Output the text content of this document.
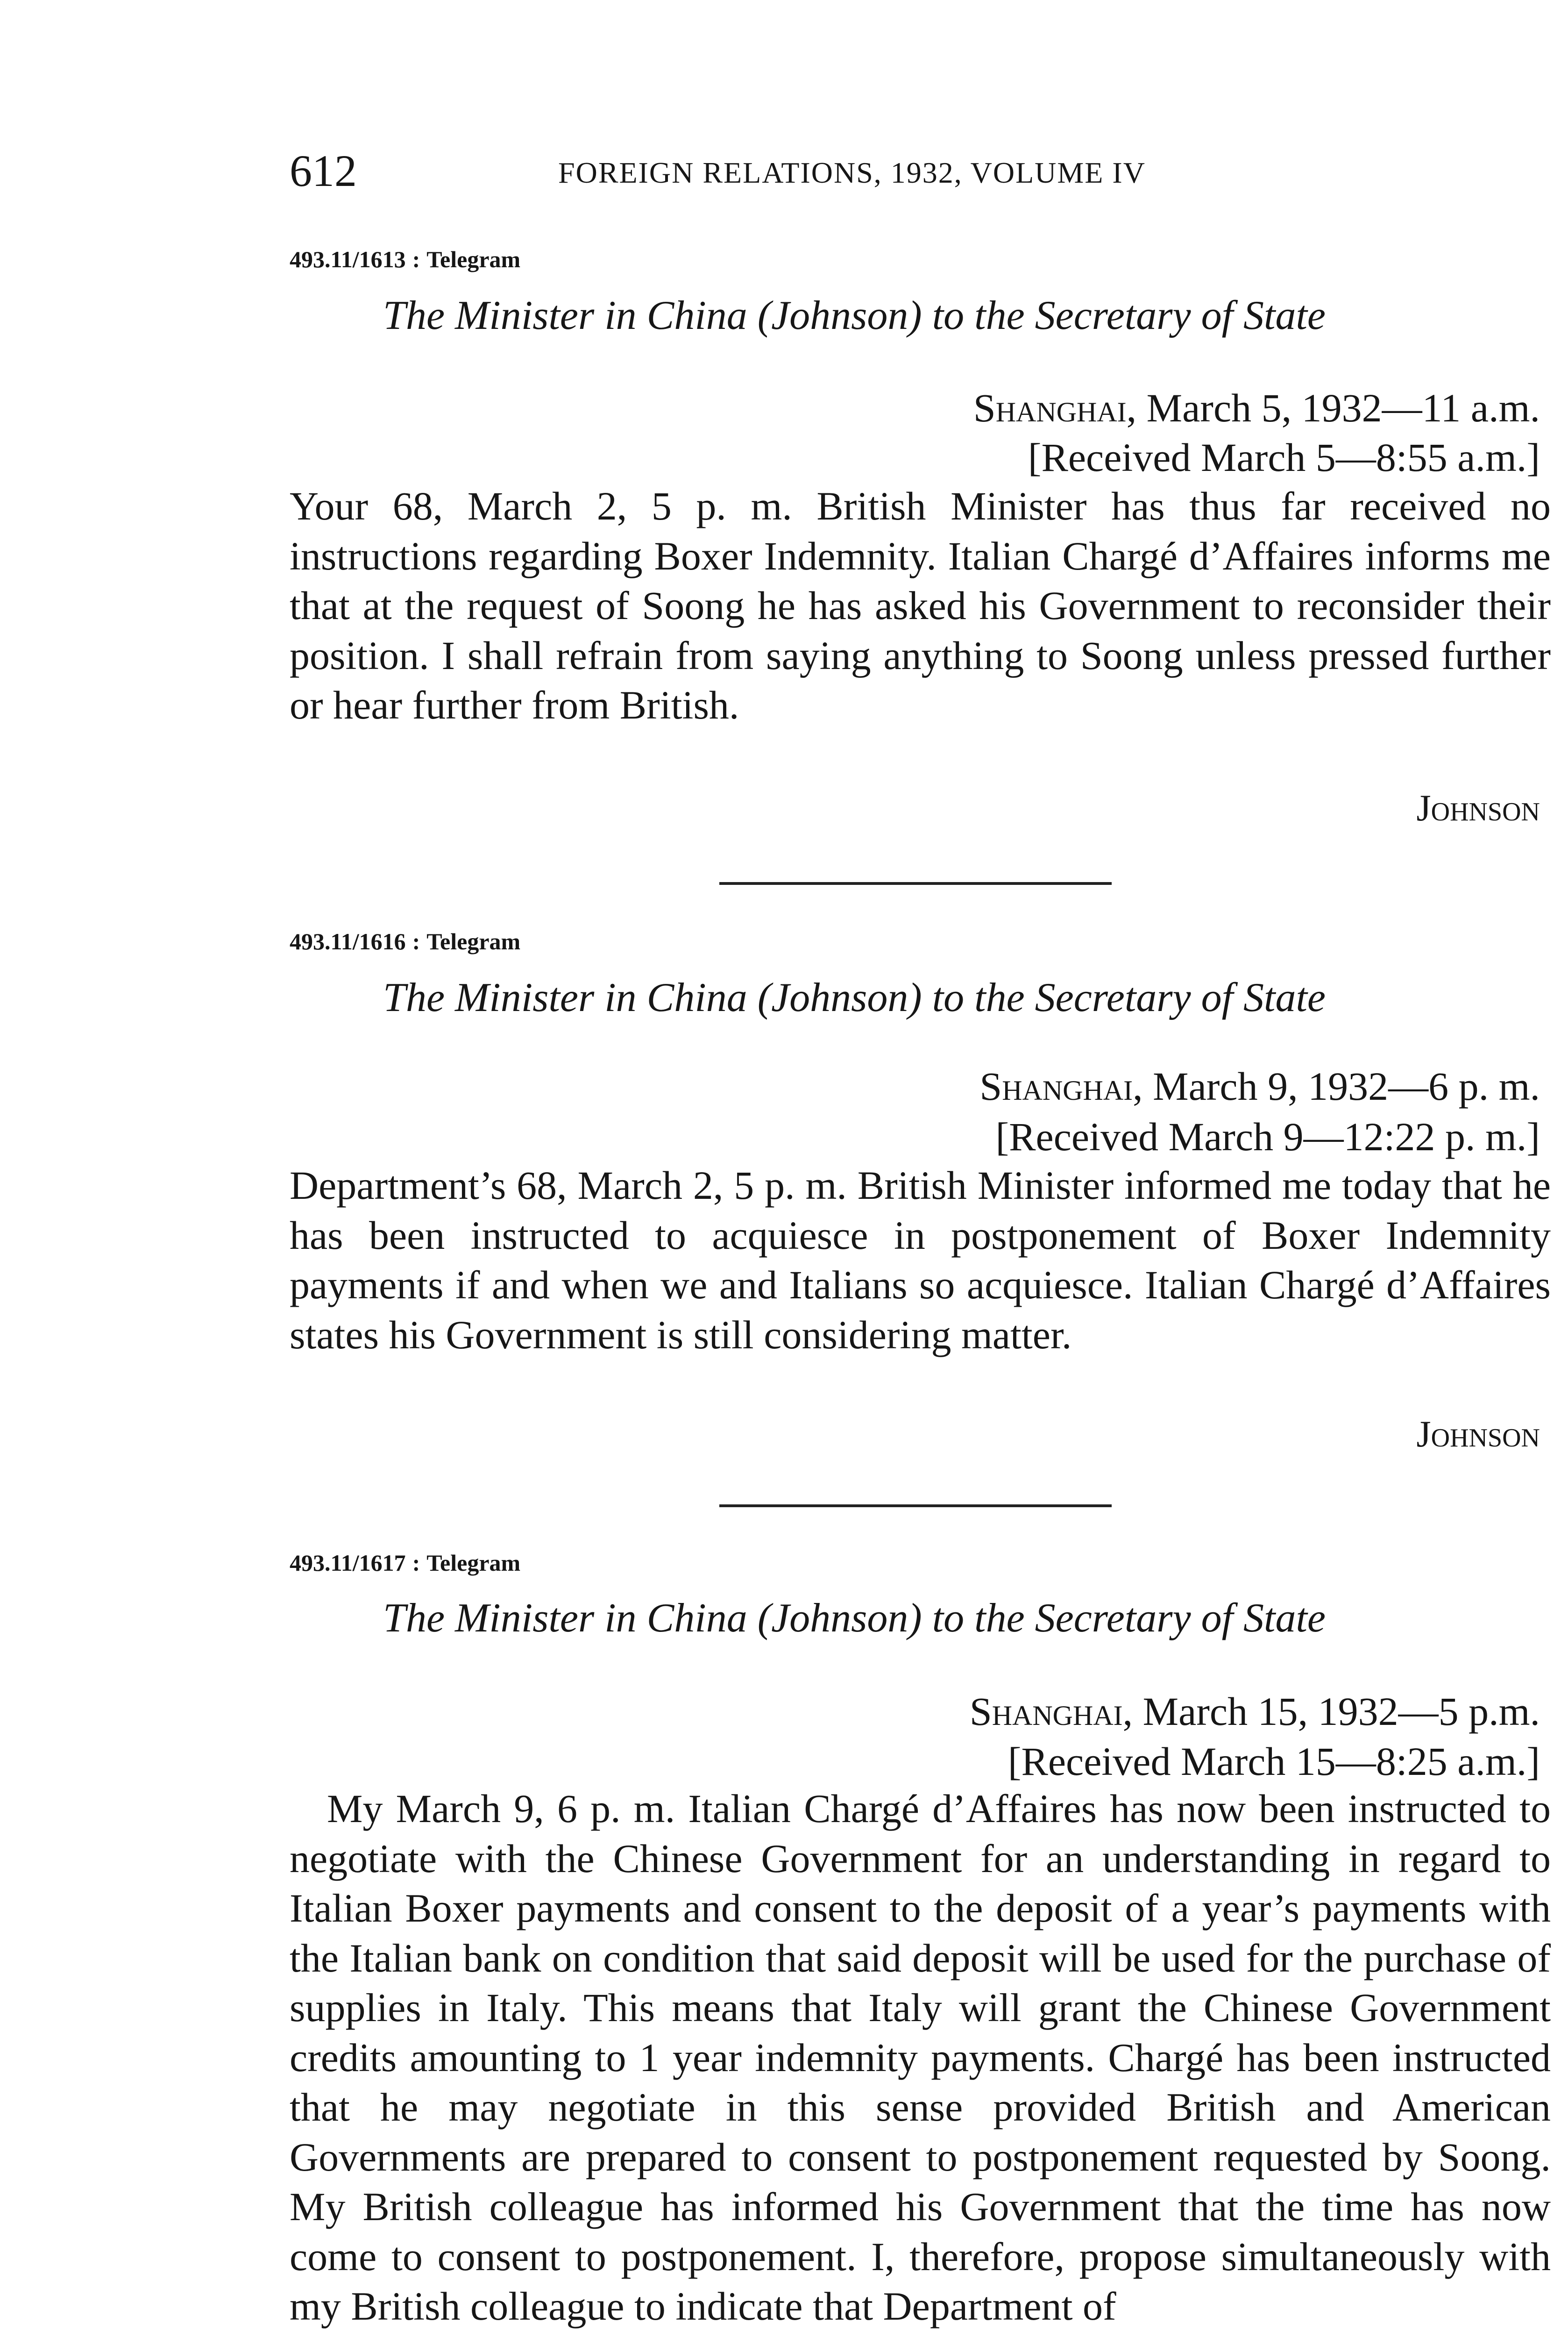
612	FOREIGN RELATIONS, 1932, VOLUME IV
493.11/1613 : Telegram
The Minister in China (Johnson) to the Secretary of State
Shanghai, March 5, 1932—11 a.m.
[Received March 5—8:55 a.m.]
Your 68, March 2, 5 p. m. British Minister has thus far received no instructions regarding Boxer Indemnity. Italian Chargé d’Affaires informs me that at the request of Soong he has asked his Government to reconsider their position. I shall refrain from saying anything to Soong unless pressed further or hear further from British.
Johnson
493.11/1616 : Telegram
The Minister in China (Johnson) to the Secretary of State
Shanghai, March 9, 1932—6 p. m.
[Received March 9—12:22 p. m.]
Department’s 68, March 2, 5 p. m. British Minister informed me today that he has been instructed to acquiesce in postponement of Boxer Indemnity payments if and when we and Italians so acquiesce. Italian Chargé d’Affaires states his Government is still considering matter.
Johnson
493.11/1617 : Telegram
The Minister in China (Johnson) to the Secretary of State
Shanghai, March 15, 1932—5 p.m.
[Received March 15—8:25 a.m.]
My March 9, 6 p. m. Italian Chargé d’Affaires has now been instructed to negotiate with the Chinese Government for an understanding in regard to Italian Boxer payments and consent to the deposit of a year’s payments with the Italian bank on condition that said deposit will be used for the purchase of supplies in Italy. This means that Italy will grant the Chinese Government credits amounting to 1 year indemnity payments. Chargé has been instructed that he may negotiate in this sense provided British and American Governments are prepared to consent to postponement requested by Soong. My British colleague has informed his Government that the time has now come to consent to postponement. I, therefore, propose simultaneously with my British colleague to indicate that Department of
